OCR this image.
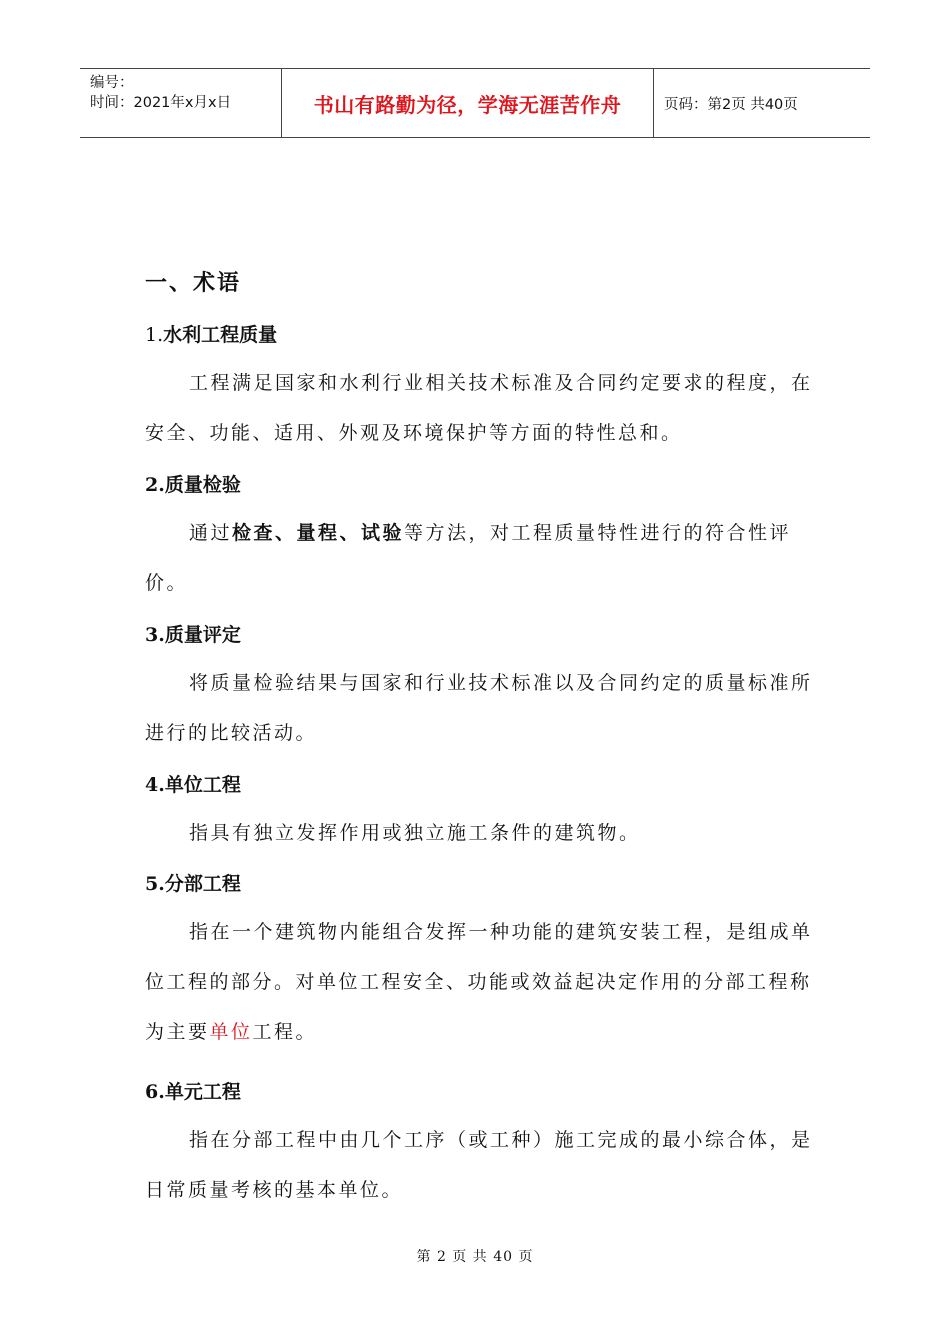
编号：
时间：2021年x月x日	书山有路勤为径，学海无涯苦作舟	页码：第2页 共40页
一、术语
1.水利工程质量
工程满足国家和水利行业相关技术标准及合同约定要求的程度，在安全、功能、适用、外观及环境保护等方面的特性总和。
2.质量检验
通过检查、量程、试验等方法，对工程质量特性进行的符合性评价。
3.质量评定
将质量检验结果与国家和行业技术标准以及合同约定的质量标准所进行的比较活动。
4.单位工程
指具有独立发挥作用或独立施工条件的建筑物。
5.分部工程
指在一个建筑物内能组合发挥一种功能的建筑安装工程，是组成单位工程的部分。对单位工程安全、功能或效益起决定作用的分部工程称为主要单位工程。
6.单元工程
指在分部工程中由几个工序（或工种）施工完成的最小综合体，是日常质量考核的基本单位。
第 2 页 共 40 页
